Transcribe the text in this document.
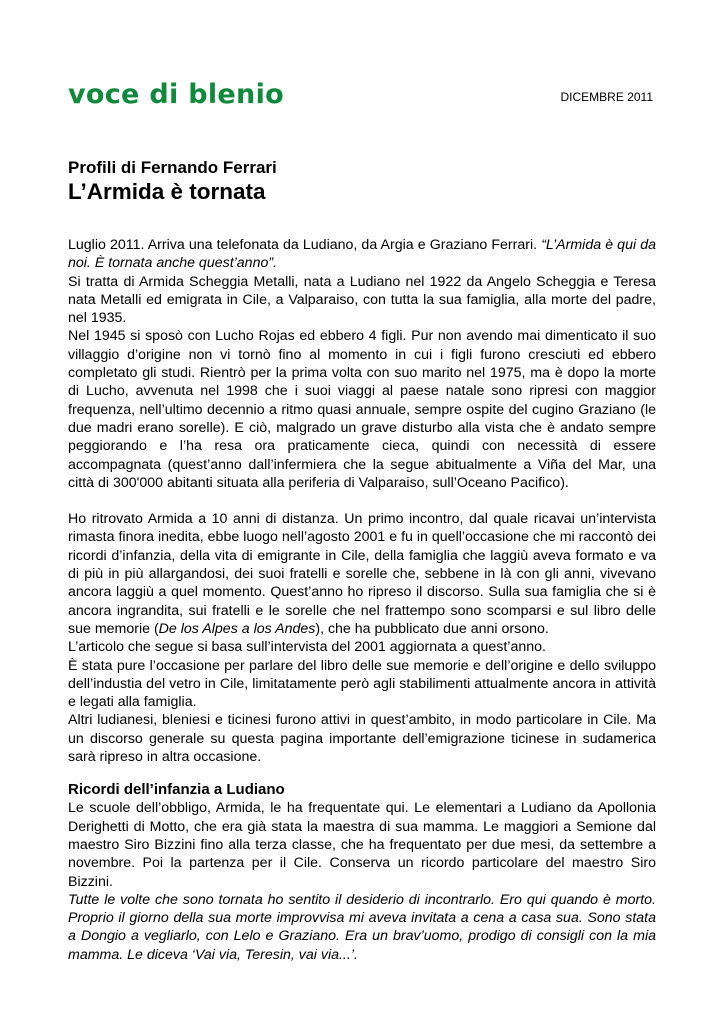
voce di blenio	DICEMBRE 2011
Profili di Fernando Ferrari
L’Armida è tornata

Luglio 2011. Arriva una telefonata da Ludiano, da Argia e Graziano Ferrari. “L’Armida è qui da noi. È tornata anche quest’anno”.

Si tratta di Armida Scheggia Metalli, nata a Ludiano nel 1922 da Angelo Scheggia e Teresa nata Metalli ed emigrata in Cile, a Valparaiso, con tutta la sua famiglia, alla morte del padre, nel 1935.

Nel 1945 si sposò con Lucho Rojas ed ebbero 4 figli. Pur non avendo mai dimenticato il suo villaggio d’origine non vi tornò fino al momento in cui i figli furono cresciuti ed ebbero completato gli studi. Rientrò per la prima volta con suo marito nel 1975, ma è dopo la morte di Lucho, avvenuta nel 1998 che i suoi viaggi al paese natale sono ripresi con maggior frequenza, nell’ultimo decennio a ritmo quasi annuale, sempre ospite del cugino Graziano (le due madri erano sorelle). E ciò, malgrado un grave disturbo alla vista che è andato sempre peggiorando e l’ha resa ora praticamente cieca, quindi con necessità di essere accompagnata (quest’anno dall’infermiera che la segue abitualmente a Viña del Mar, una città di 300'000 abitanti situata alla periferia di Valparaiso, sull’Oceano Pacifico).

Ho ritrovato Armida a 10 anni di distanza. Un primo incontro, dal quale ricavai un’intervista rimasta finora inedita, ebbe luogo nell’agosto 2001 e fu in quell’occasione che mi raccontò dei ricordi d’infanzia, della vita di emigrante in Cile, della famiglia che laggiù aveva formato e va di più in più allargandosi, dei suoi fratelli e sorelle che, sebbene in là con gli anni, vivevano ancora laggiù a quel momento. Quest’anno ho ripreso il discorso. Sulla sua famiglia che si è ancora ingrandita, sui fratelli e le sorelle che nel frattempo sono scomparsi e sul libro delle sue memorie (De los Alpes a los Andes), che ha pubblicato due anni orsono.

L’articolo che segue si basa sull’intervista del 2001 aggiornata a quest’anno.

È stata pure l’occasione per parlare del libro delle sue memorie e dell’origine e dello sviluppo dell’industia del vetro in Cile, limitatamente però agli stabilimenti attualmente ancora in attività e legati alla famiglia.

Altri ludianesi, bleniesi e ticinesi furono attivi in quest’ambito, in modo particolare in Cile. Ma un discorso generale su questa pagina importante dell’emigrazione ticinese in sudamerica sarà ripreso in altra occasione.

Ricordi dell’infanzia a Ludiano

Le scuole dell’obbligo, Armida, le ha frequentate qui. Le elementari a Ludiano da Apollonia Derighetti di Motto, che era già stata la maestra di sua mamma. Le maggiori a Semione dal maestro Siro Bizzini fino alla terza classe, che ha frequentato per due mesi, da settembre a novembre. Poi la partenza per il Cile. Conserva un ricordo particolare del maestro Siro Bizzini.

Tutte le volte che sono tornata ho sentito il desiderio di incontrarlo. Ero qui quando è morto. Proprio il giorno della sua morte improvvisa mi aveva invitata a cena a casa sua. Sono stata a Dongio a vegliarlo, con Lelo e Graziano. Era un brav’uomo, prodigo di consigli con la mia mamma. Le diceva ‘Vai via, Teresin, vai via...’.
